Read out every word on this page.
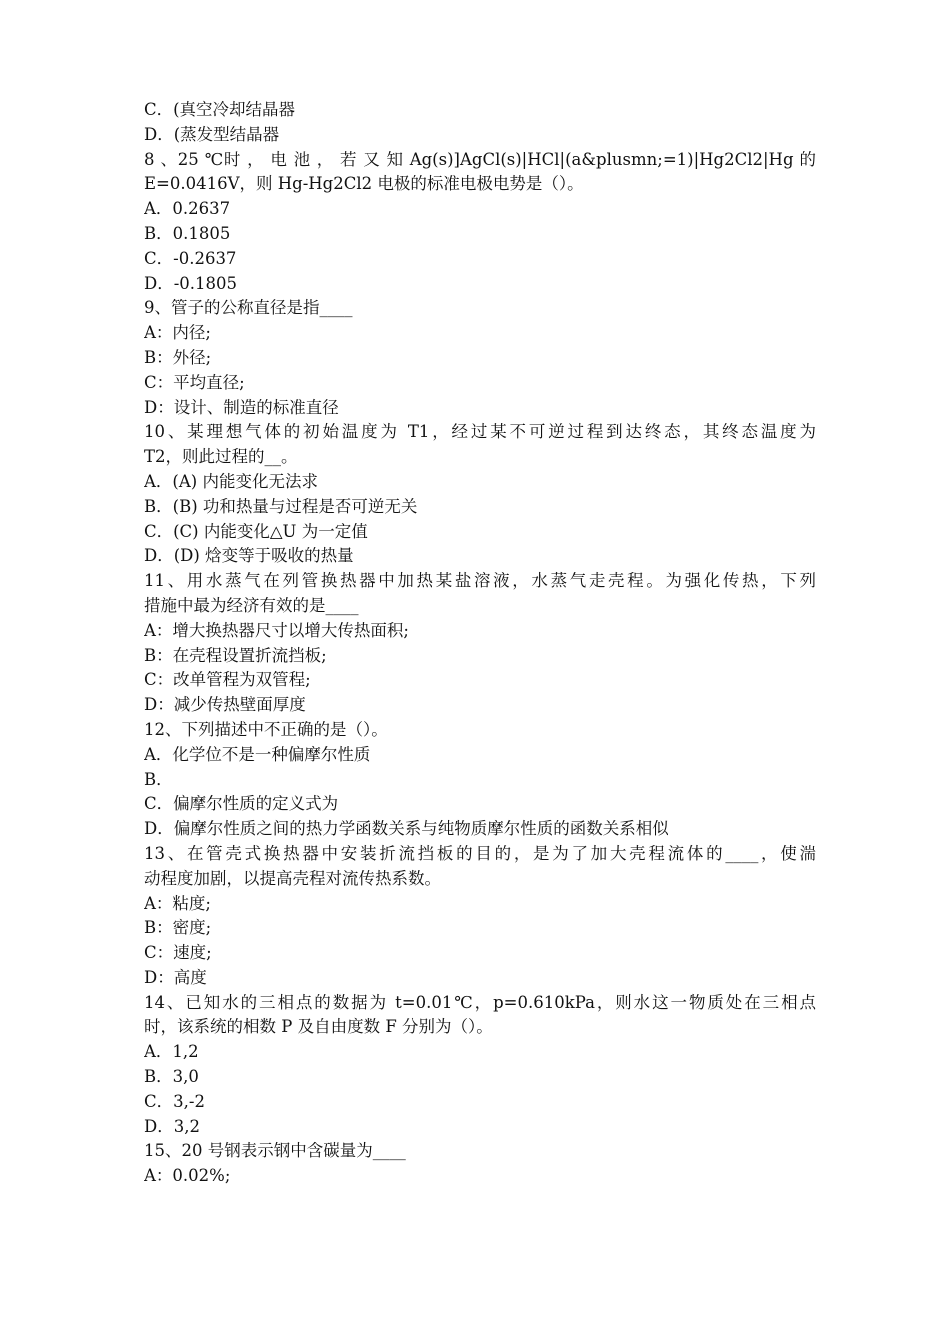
C．(真空冷却结晶器
D．(蒸发型结晶器
8 、25 ℃时 ， 电 池 ， 若 又 知 Ag(s)]AgCl(s)|HCl|(a&plusmn;=1)|Hg2Cl2|Hg 的
E=0.0416V，则 Hg-Hg2Cl2 电极的标准电极电势是（）。
A．0.2637
B．0.1805
C．-0.2637
D．-0.1805
9、管子的公称直径是指____
A：内径;
B：外径;
C：平均直径;
D：设计、制造的标准直径
10、某理想气体的初始温度为 T1，经过某不可逆过程到达终态，其终态温度为
T2，则此过程的__。
A．(A) 内能变化无法求
B．(B) 功和热量与过程是否可逆无关
C．(C) 内能变化△U 为一定值
D．(D) 焓变等于吸收的热量
11、用水蒸气在列管换热器中加热某盐溶液，水蒸气走壳程。为强化传热，下列
措施中最为经济有效的是____
A：增大换热器尺寸以增大传热面积;
B：在壳程设置折流挡板;
C：改单管程为双管程;
D：减少传热壁面厚度
12、下列描述中不正确的是（）。
A．化学位不是一种偏摩尔性质
B．
C．偏摩尔性质的定义式为
D．偏摩尔性质之间的热力学函数关系与纯物质摩尔性质的函数关系相似
13、在管壳式换热器中安装折流挡板的目的，是为了加大壳程流体的____，使湍
动程度加剧，以提高壳程对流传热系数。
A：粘度;
B：密度;
C：速度;
D：高度
14、已知水的三相点的数据为 t=0.01℃，p=0.610kPa，则水这一物质处在三相点
时，该系统的相数 P 及自由度数 F 分别为（）。
A．1,2
B．3,0
C．3,-2
D．3,2
15、20 号钢表示钢中含碳量为____
A：0.02%;
